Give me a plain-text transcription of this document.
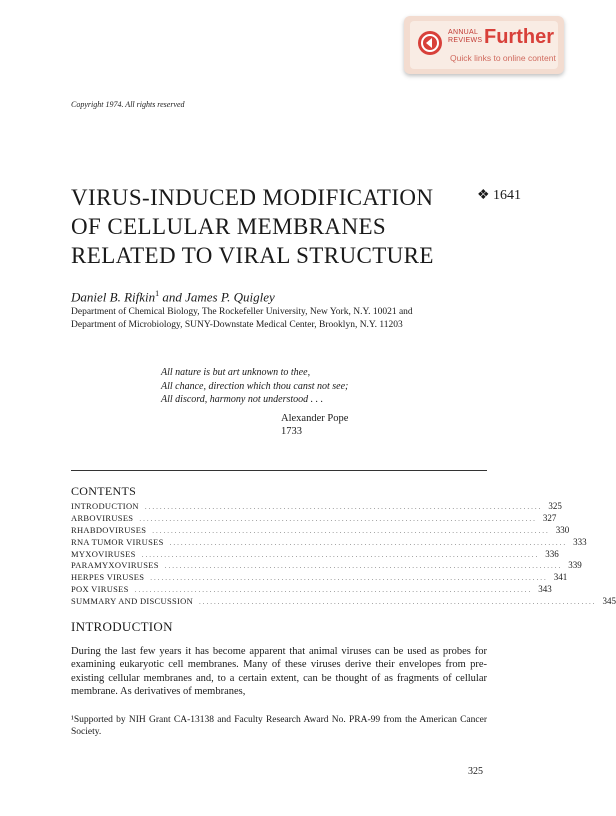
ANNUAL
REVIEWS Further
Quick links to online content
Copyright 1974. All rights reserved
VIRUS-INDUCED MODIFICATION
OF CELLULAR MEMBRANES
RELATED TO VIRAL STRUCTURE
❖ 1641
Daniel B. Rifkin$^1$ and James P. Quigley
Department of Chemical Biology, The Rockefeller University, New York, N.Y. 10021 and
Department of Microbiology, SUNY-Downstate Medical Center, Brooklyn, N.Y. 11203
All nature is but art unknown to thee,
All chance, direction which thou canst not see;
All discord, harmony not understood . . .
Alexander Pope
1733
CONTENTS
INTRODUCTION .......................................................................................................... 325
ARBOVIRUSES .......................................................................................................... 327
RHABDOVIRUSES .......................................................................................................... 330
RNA TUMOR VIRUSES .......................................................................................................... 333
MYXOVIRUSES .......................................................................................................... 336
PARAMYXOVIRUSES .......................................................................................................... 339
HERPES VIRUSES .......................................................................................................... 341
POX VIRUSES .......................................................................................................... 343
SUMMARY AND DISCUSSION .......................................................................................................... 345
INTRODUCTION
During the last few years it has become apparent that animal viruses can be used as probes for examining eukaryotic cell membranes. Many of these viruses derive their envelopes from pre-existing cellular membranes and, to a certain extent, can be thought of as fragments of cellular membrane. As derivatives of membranes,
¹Supported by NIH Grant CA-13138 and Faculty Research Award No. PRA-99 from the American Cancer Society.
325
